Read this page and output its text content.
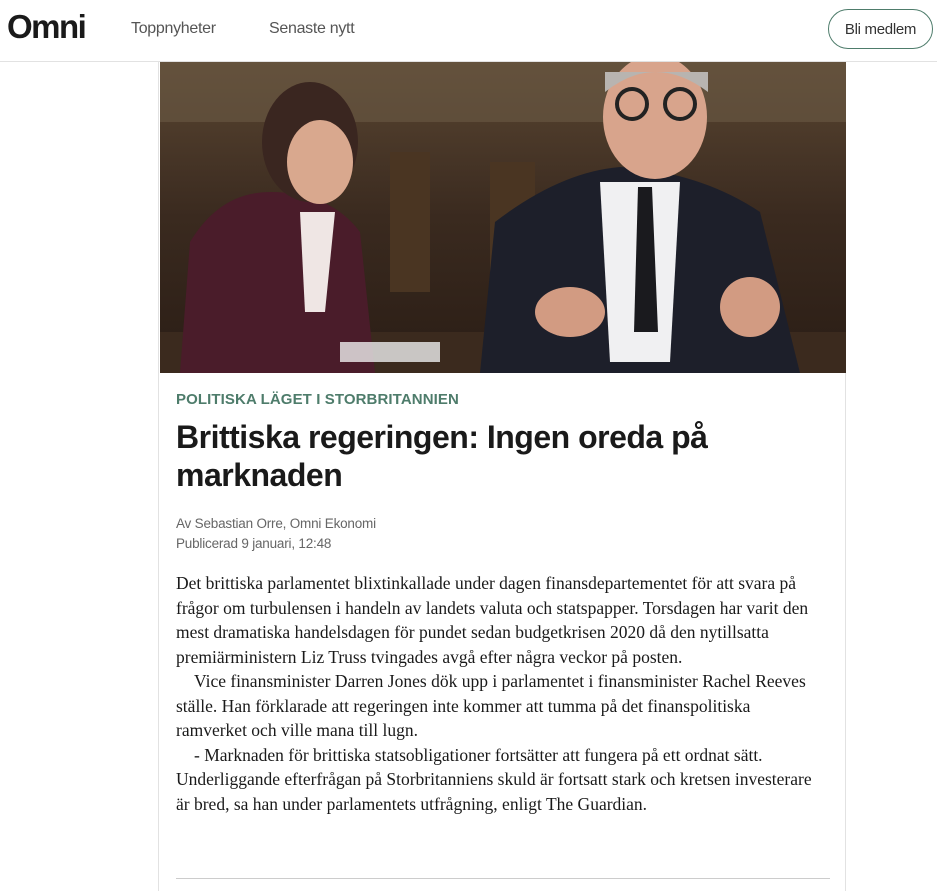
Omni	Toppnyheter	Senaste nytt	Bli medlem
POLITISKA LÄGET I STORBRITANNIEN
Brittiska regeringen: Ingen oreda på marknaden
Av Sebastian Orre, Omni Ekonomi
Publicerad 9 januari, 12:48

Det brittiska parlamentet blixtinkallade under dagen finansdepartementet för att svara på frågor om turbulensen i handeln av landets valuta och statspapper. Torsdagen har varit den mest dramatiska handelsdagen för pundet sedan budgetkrisen 2020 då den nytillsatta premiärministern Liz Truss tvingades avgå efter några veckor på posten.

Vice finansminister Darren Jones dök upp i parlamentet i finansminister Rachel Reeves ställe. Han förklarade att regeringen inte kommer att tumma på det finanspolitiska ramverket och ville mana till lugn.

- Marknaden för brittiska statsobligationer fortsätter att fungera på ett ordnat sätt. Underliggande efterfrågan på Storbritanniens skuld är fortsatt stark och kretsen investerare är bred, sa han under parlamentets utfrågning, enligt The Guardian.
